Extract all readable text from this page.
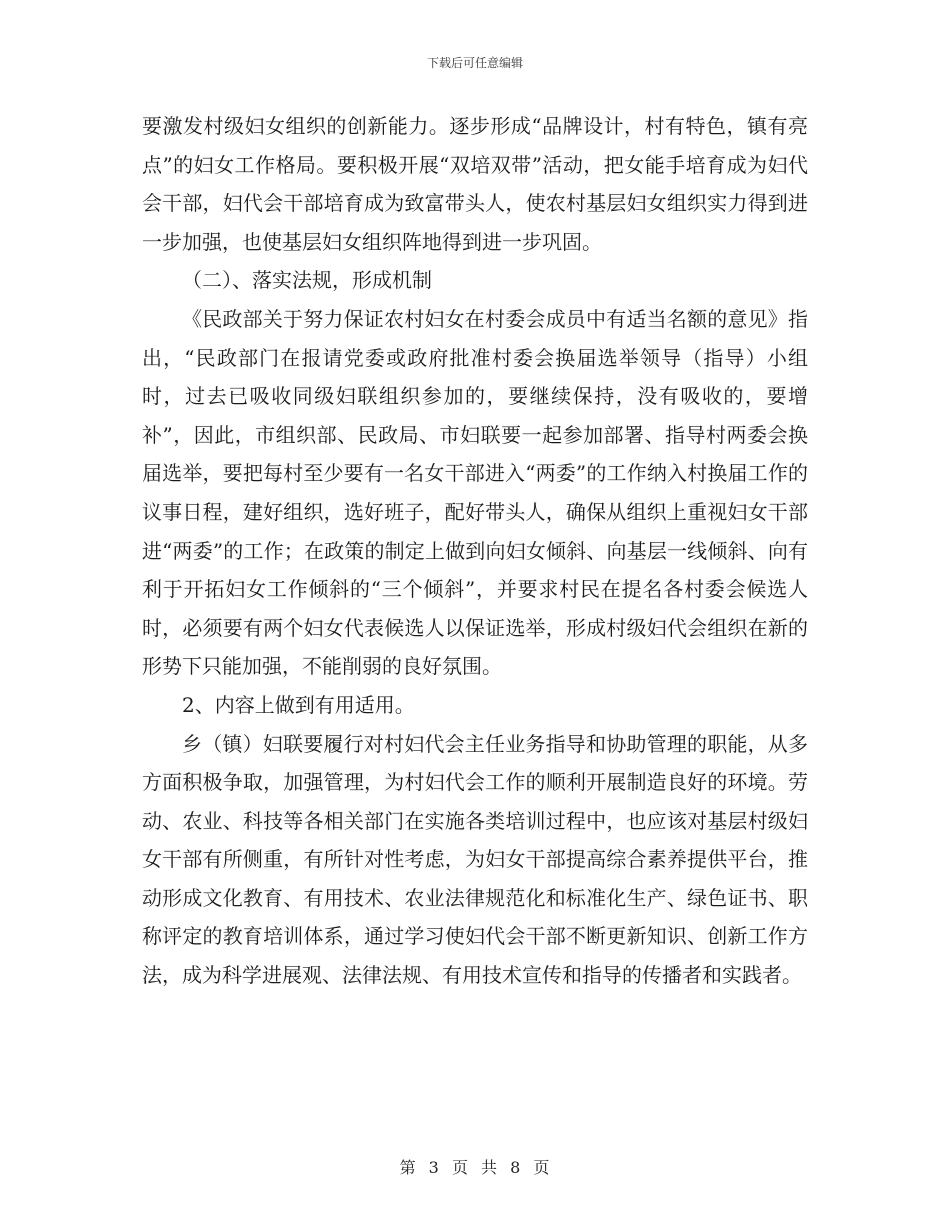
下载后可任意编辑

要激发村级妇女组织的创新能力。逐步形成“品牌设计，村有特色，镇有亮点”的妇女工作格局。要积极开展“双培双带”活动，把女能手培育成为妇代会干部，妇代会干部培育成为致富带头人，使农村基层妇女组织实力得到进一步加强，也使基层妇女组织阵地得到进一步巩固。

（二）、落实法规，形成机制

《民政部关于努力保证农村妇女在村委会成员中有适当名额的意见》指出，“民政部门在报请党委或政府批准村委会换届选举领导（指导）小组时，过去已吸收同级妇联组织参加的，要继续保持，没有吸收的，要增补”，因此，市组织部、民政局、市妇联要一起参加部署、指导村两委会换届选举，要把每村至少要有一名女干部进入“两委”的工作纳入村换届工作的议事日程，建好组织，选好班子，配好带头人，确保从组织上重视妇女干部进“两委”的工作；在政策的制定上做到向妇女倾斜、向基层一线倾斜、向有利于开拓妇女工作倾斜的“三个倾斜”，并要求村民在提名各村委会候选人时，必须要有两个妇女代表候选人以保证选举，形成村级妇代会组织在新的形势下只能加强，不能削弱的良好氛围。

2、内容上做到有用适用。

乡（镇）妇联要履行对村妇代会主任业务指导和协助管理的职能，从多方面积极争取，加强管理，为村妇代会工作的顺利开展制造良好的环境。劳动、农业、科技等各相关部门在实施各类培训过程中，也应该对基层村级妇女干部有所侧重，有所针对性考虑，为妇女干部提高综合素养提供平台，推动形成文化教育、有用技术、农业法律规范化和标准化生产、绿色证书、职称评定的教育培训体系，通过学习使妇代会干部不断更新知识、创新工作方法，成为科学进展观、法律法规、有用技术宣传和指导的传播者和实践者。

第 3 页 共 8 页
